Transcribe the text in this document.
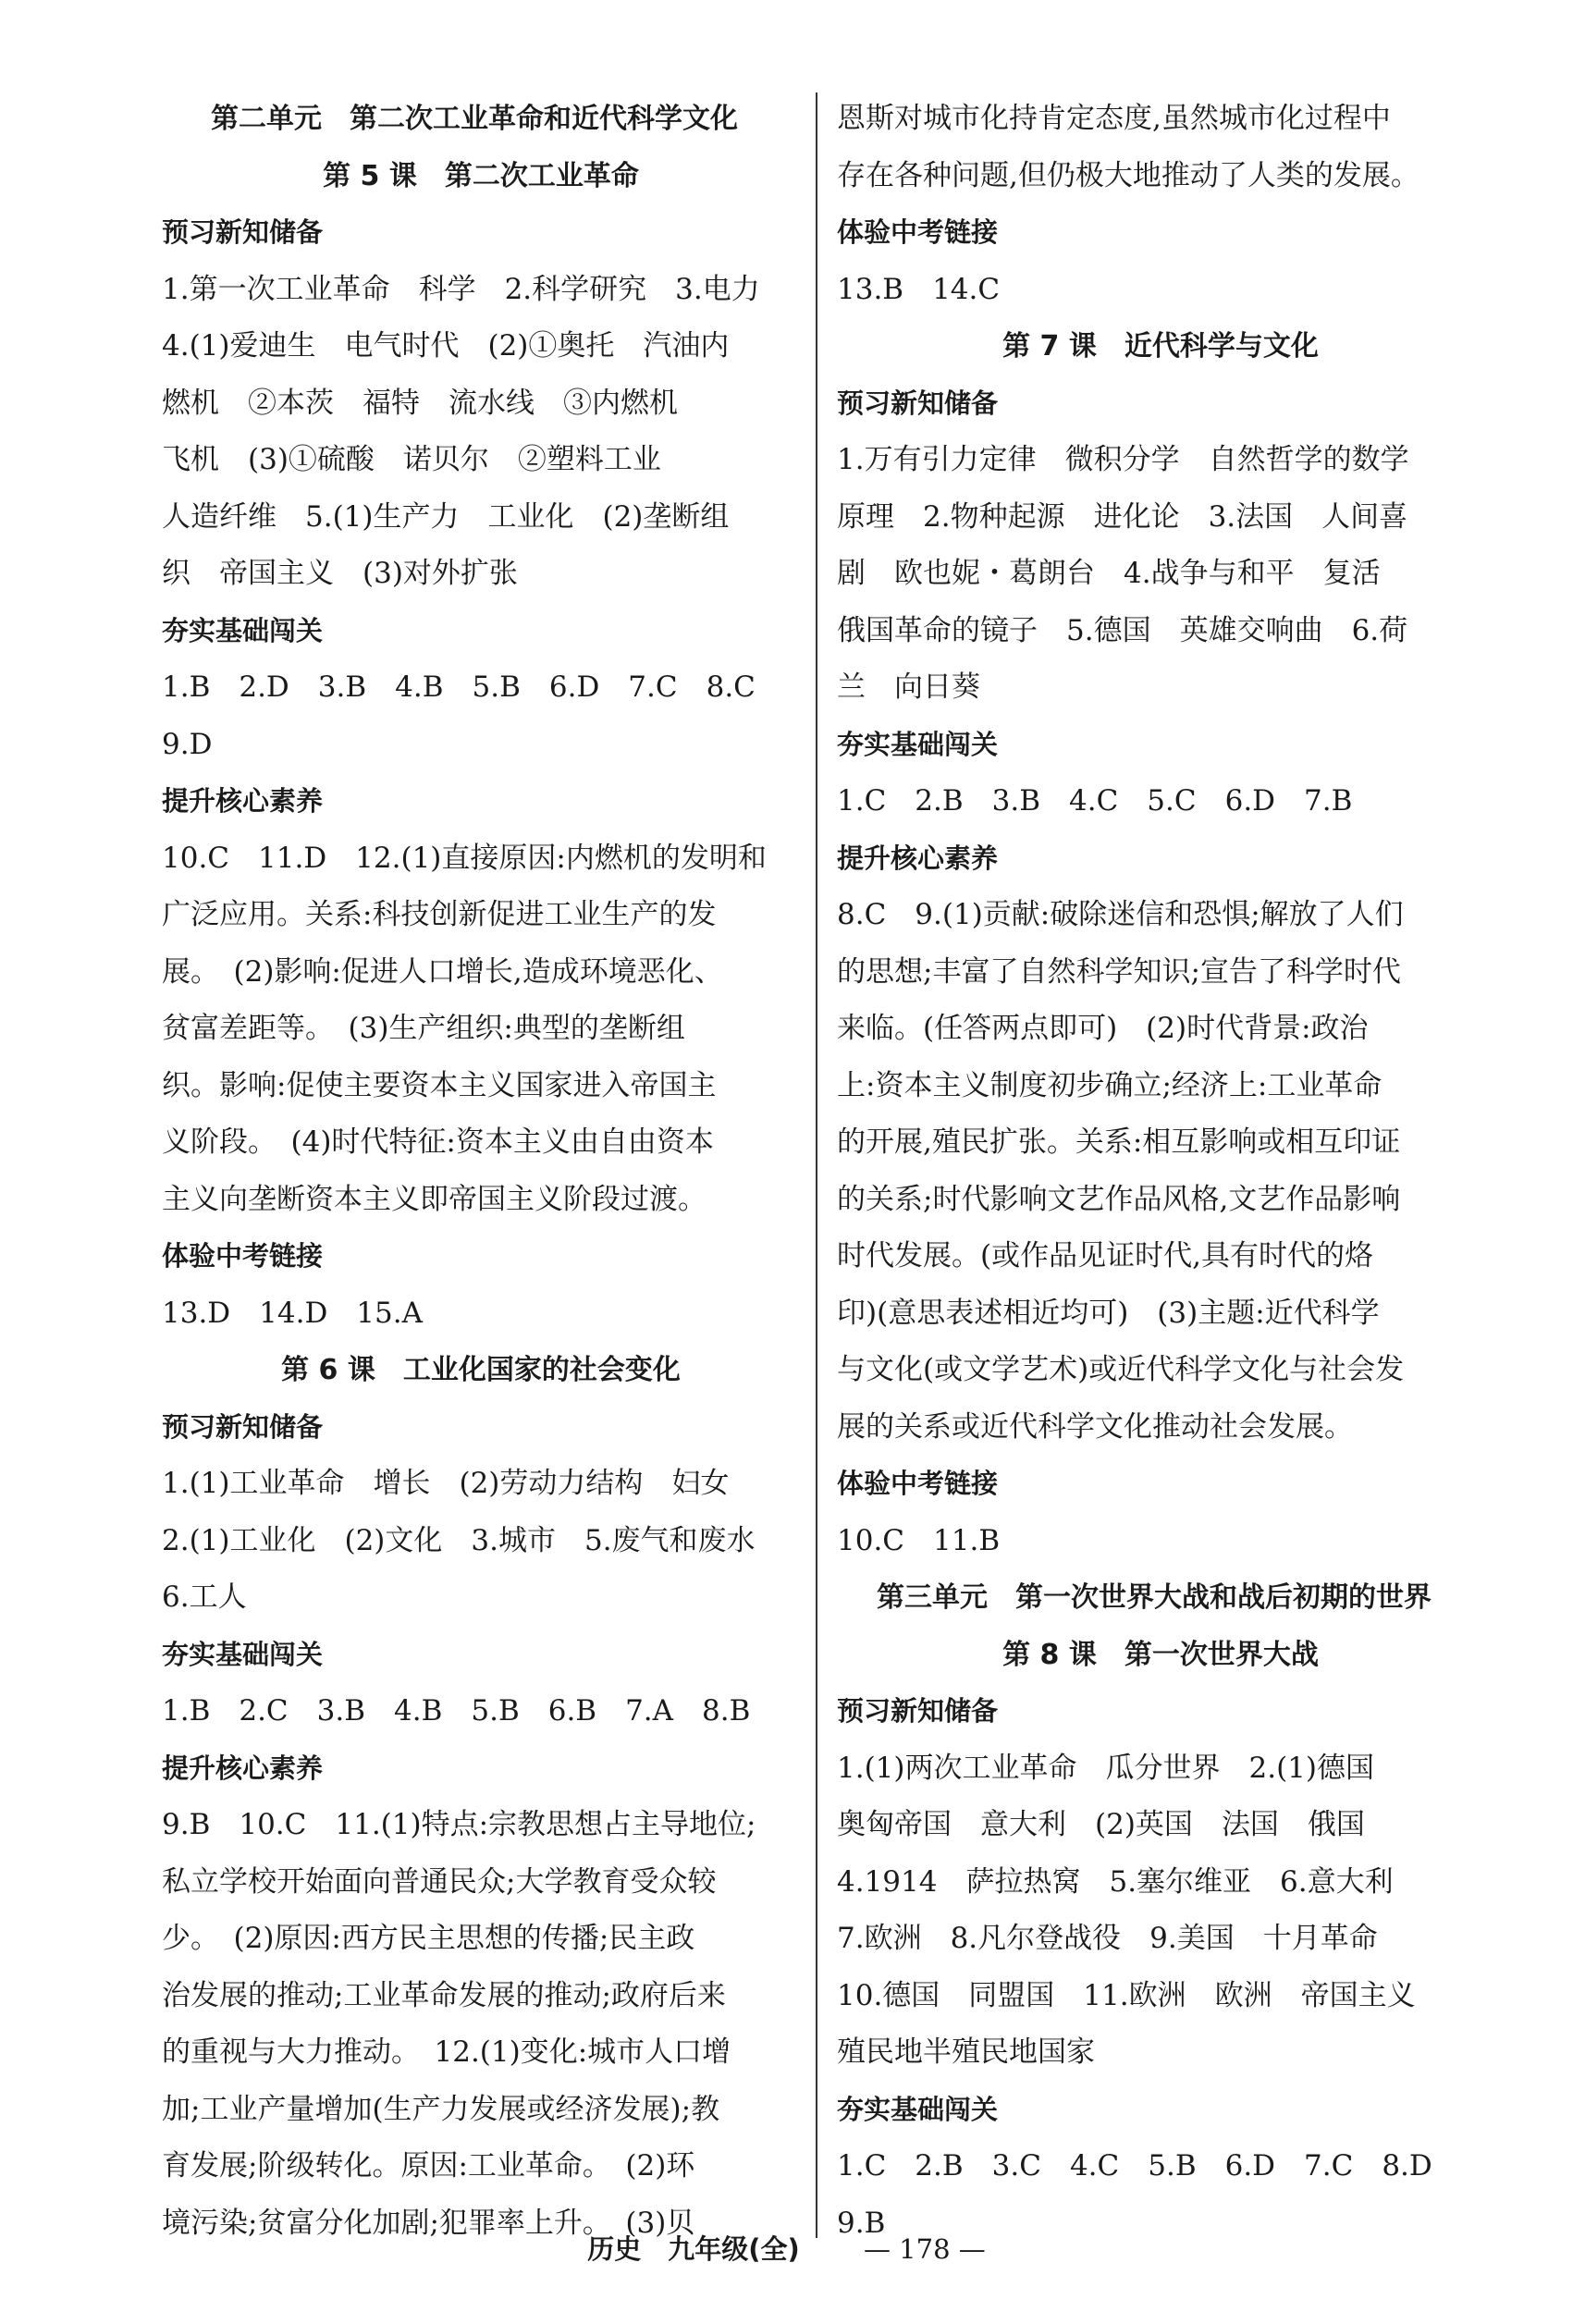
第二单元　第二次工业革命和近代科学文化
第 5 课　第二次工业革命
预习新知储备
1.第一次工业革命　科学　2.科学研究　3.电力
4.(1)爱迪生　电气时代　(2)①奥托　汽油内
燃机　②本茨　福特　流水线　③内燃机
飞机　(3)①硫酸　诺贝尔　②塑料工业
人造纤维　5.(1)生产力　工业化　(2)垄断组
织　帝国主义　(3)对外扩张
夯实基础闯关
1.B　2.D　3.B　4.B　5.B　6.D　7.C　8.C
9.D
提升核心素养
10.C　11.D　12.(1)直接原因:内燃机的发明和
广泛应用。关系:科技创新促进工业生产的发
展。　(2)影响:促进人口增长,造成环境恶化、
贫富差距等。　(3)生产组织:典型的垄断组
织。影响:促使主要资本主义国家进入帝国主
义阶段。　(4)时代特征:资本主义由自由资本
主义向垄断资本主义即帝国主义阶段过渡。
体验中考链接
13.D　14.D　15.A
第 6 课　工业化国家的社会变化
预习新知储备
1.(1)工业革命　增长　(2)劳动力结构　妇女
2.(1)工业化　(2)文化　3.城市　5.废气和废水
6.工人
夯实基础闯关
1.B　2.C　3.B　4.B　5.B　6.B　7.A　8.B
提升核心素养
9.B　10.C　11.(1)特点:宗教思想占主导地位;
私立学校开始面向普通民众;大学教育受众较
少。　(2)原因:西方民主思想的传播;民主政
治发展的推动;工业革命发展的推动;政府后来
的重视与大力推动。　12.(1)变化:城市人口增
加;工业产量增加(生产力发展或经济发展);教
育发展;阶级转化。原因:工业革命。　(2)环
境污染;贫富分化加剧;犯罪率上升。　(3)贝
恩斯对城市化持肯定态度,虽然城市化过程中
存在各种问题,但仍极大地推动了人类的发展。
体验中考链接
13.B　14.C
第 7 课　近代科学与文化
预习新知储备
1.万有引力定律　微积分学　自然哲学的数学
原理　2.物种起源　进化论　3.法国　人间喜
剧　欧也妮・葛朗台　4.战争与和平　复活
俄国革命的镜子　5.德国　英雄交响曲　6.荷
兰　向日葵
夯实基础闯关
1.C　2.B　3.B　4.C　5.C　6.D　7.B
提升核心素养
8.C　9.(1)贡献:破除迷信和恐惧;解放了人们
的思想;丰富了自然科学知识;宣告了科学时代
来临。(任答两点即可)　(2)时代背景:政治
上:资本主义制度初步确立;经济上:工业革命
的开展,殖民扩张。关系:相互影响或相互印证
的关系;时代影响文艺作品风格,文艺作品影响
时代发展。(或作品见证时代,具有时代的烙
印)(意思表述相近均可)　(3)主题:近代科学
与文化(或文学艺术)或近代科学文化与社会发
展的关系或近代科学文化推动社会发展。
体验中考链接
10.C　11.B
第三单元　第一次世界大战和战后初期的世界
第 8 课　第一次世界大战
预习新知储备
1.(1)两次工业革命　瓜分世界　2.(1)德国
奥匈帝国　意大利　(2)英国　法国　俄国
4.1914　萨拉热窝　5.塞尔维亚　6.意大利
7.欧洲　8.凡尔登战役　9.美国　十月革命
10.德国　同盟国　11.欧洲　欧洲　帝国主义
殖民地半殖民地国家
夯实基础闯关
1.C　2.B　3.C　4.C　5.B　6.D　7.C　8.D
9.B
历史　九年级(全) — 178 —
